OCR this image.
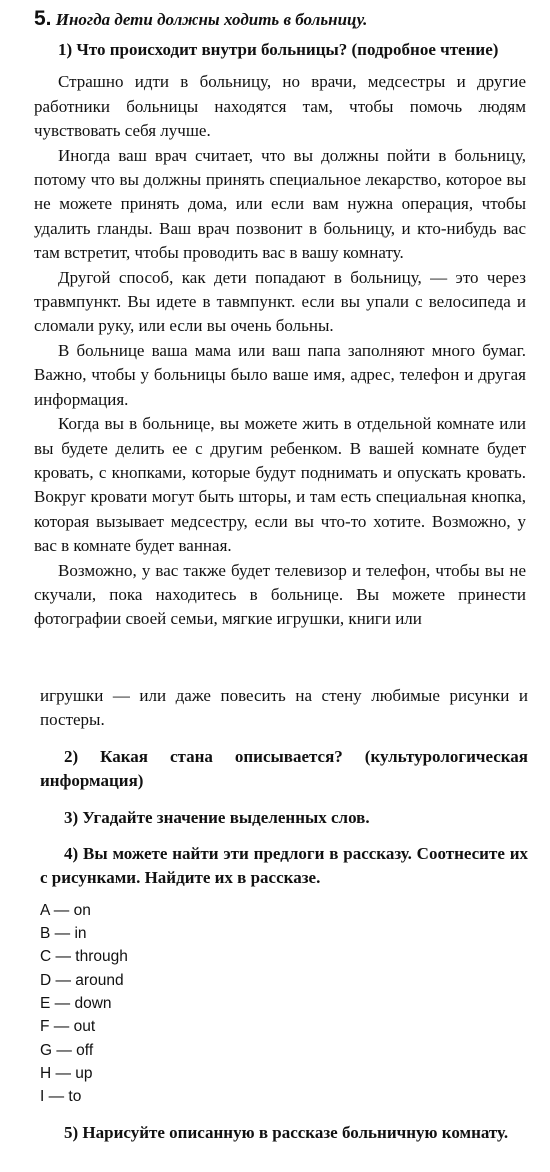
5. Иногда дети должны ходить в больницу.

1) Что происходит внутри больницы? (подробное чтение)

Страшно идти в больницу, но врачи, медсестры и другие работники больницы находятся там, чтобы помочь людям чувствовать себя лучше.

Иногда ваш врач считает, что вы должны пойти в больницу, потому что вы должны принять специальное лекарство, которое вы не можете принять дома, или если вам нужна операция, чтобы удалить гланды. Ваш врач позвонит в больницу, и кто-нибудь вас там встретит, чтобы проводить вас в вашу комнату.

Другой способ, как дети попадают в больницу, — это через травмпункт. Вы идете в тавмпункт. если вы упали с велосипеда и сломали руку, или если вы очень больны.

В больнице ваша мама или ваш папа заполняют много бумаг. Важно, чтобы у больницы было ваше имя, адрес, телефон и другая информация.

Когда вы в больнице, вы можете жить в отдельной комнате или вы будете делить ее с другим ребенком. В вашей комнате будет кровать, с кнопками, которые будут поднимать и опускать кровать. Вокруг кровати могут быть шторы, и там есть специальная кнопка, которая вызывает медсестру, если вы что-то хотите. Возможно, у вас в комнате будет ванная.

Возможно, у вас также будет телевизор и телефон, чтобы вы не скучали, пока находитесь в больнице. Вы можете принести фотографии своей семьи, мягкие игрушки, книги или

игрушки — или даже повесить на стену любимые рисунки и постеры.

2) Какая стана описывается? (культурологическая информация)

3) Угадайте значение выделенных слов.

4) Вы можете найти эти предлоги в рассказу. Соотнесите их с рисунками. Найдите их в рассказе.

A — on
B — in
C — through
D — around
E — down
F — out
G — off
H — up
I — to

5) Нарисуйте описанную в рассказе больничную комнату.
